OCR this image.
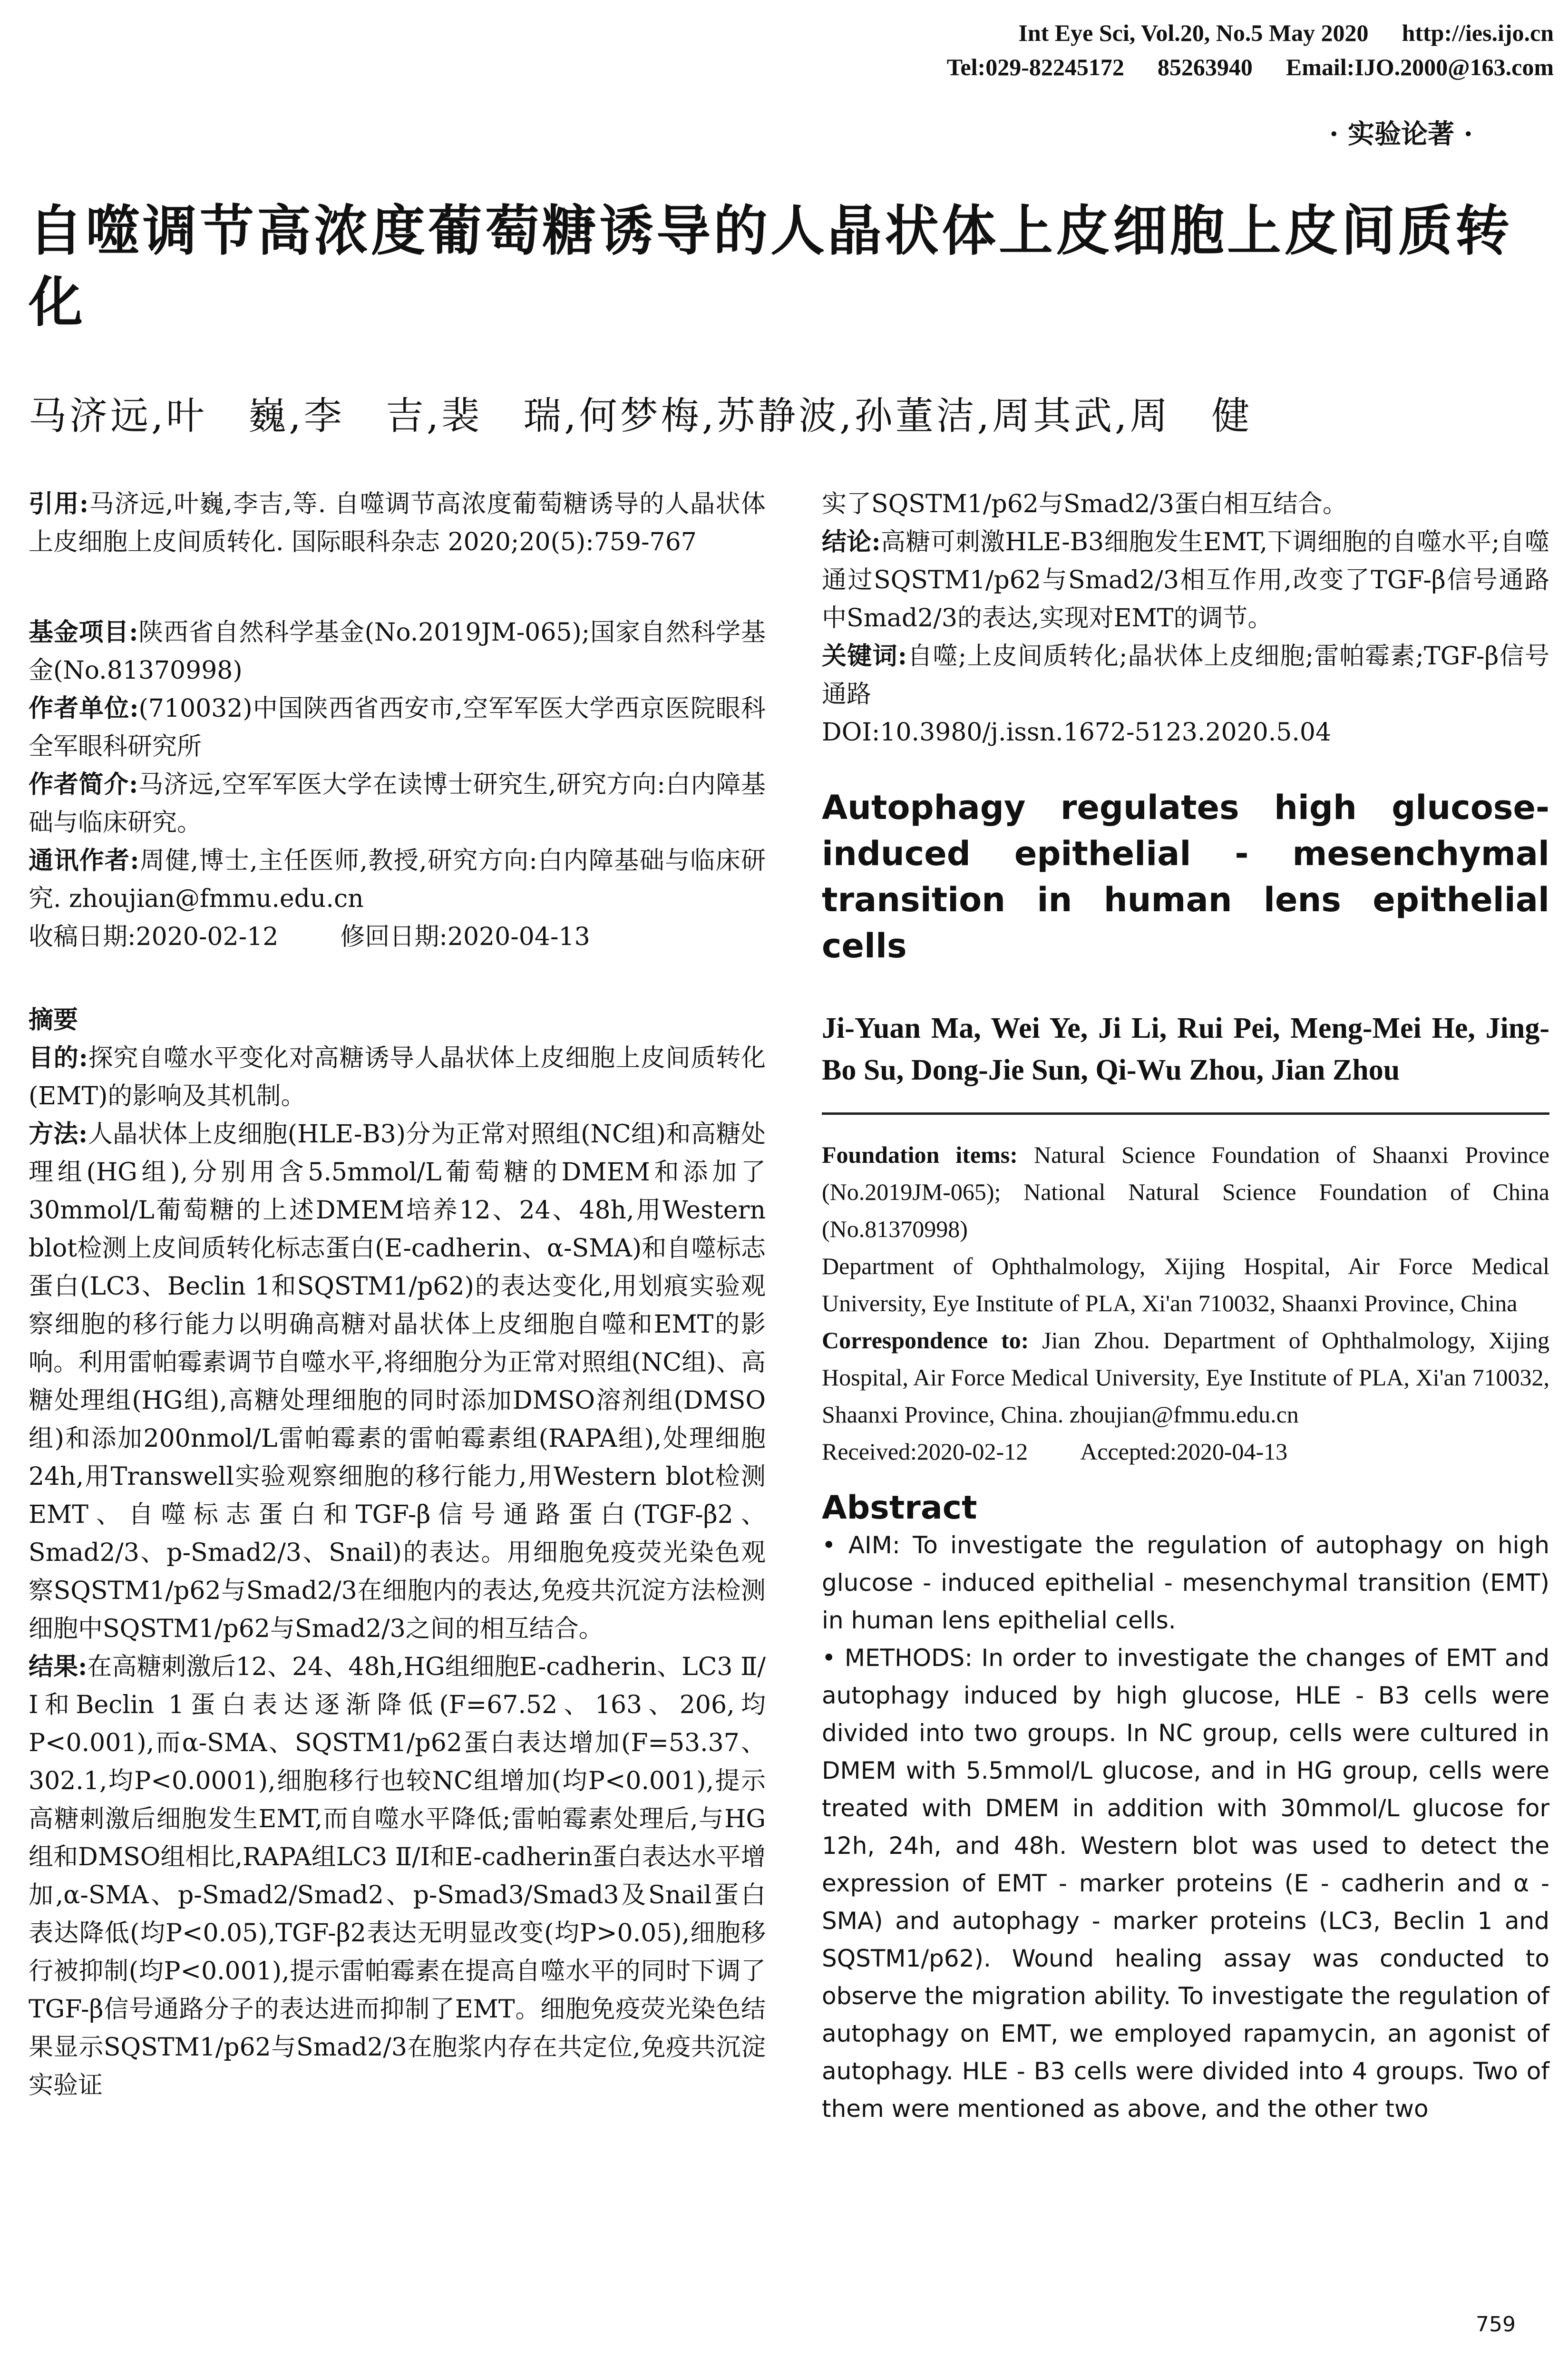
Int Eye Sci, Vol.20, No.5 May 2020 http://ies.ijo.cn
Tel:029-82245172 85263940 Email:IJO.2000@163.com
· 实验论著 ·
自噬调节高浓度葡萄糖诱导的人晶状体上皮细胞上皮间质转化
马济远,叶　巍,李　吉,裴　瑞,何梦梅,苏静波,孙董洁,周其武,周　健

引用:马济远,叶巍,李吉,等. 自噬调节高浓度葡萄糖诱导的人晶状体上皮细胞上皮间质转化. 国际眼科杂志 2020;20(5):759-767

基金项目:陕西省自然科学基金(No.2019JM-065);国家自然科学基金(No.81370998)

作者单位:(710032)中国陕西省西安市,空军军医大学西京医院眼科 全军眼科研究所

作者简介:马济远,空军军医大学在读博士研究生,研究方向:白内障基础与临床研究。

通讯作者:周健,博士,主任医师,教授,研究方向:白内障基础与临床研究. zhoujian@fmmu.edu.cn

收稿日期:2020-02-12	修回日期:2020-04-13

摘要

目的:探究自噬水平变化对高糖诱导人晶状体上皮细胞上皮间质转化(EMT)的影响及其机制。

方法:人晶状体上皮细胞(HLE-B3)分为正常对照组(NC组)和高糖处理组(HG组),分别用含5.5mmol/L葡萄糖的DMEM和添加了30mmol/L葡萄糖的上述DMEM培养12、24、48h,用Western blot检测上皮间质转化标志蛋白(E-cadherin、α-SMA)和自噬标志蛋白(LC3、Beclin 1和SQSTM1/p62)的表达变化,用划痕实验观察细胞的移行能力以明确高糖对晶状体上皮细胞自噬和EMT的影响。利用雷帕霉素调节自噬水平,将细胞分为正常对照组(NC组)、高糖处理组(HG组),高糖处理细胞的同时添加DMSO溶剂组(DMSO组)和添加200nmol/L雷帕霉素的雷帕霉素组(RAPA组),处理细胞24h,用Transwell实验观察细胞的移行能力,用Western blot检测EMT、自噬标志蛋白和TGF-β信号通路蛋白(TGF-β2、Smad2/3、p-Smad2/3、Snail)的表达。用细胞免疫荧光染色观察SQSTM1/p62与Smad2/3在细胞内的表达,免疫共沉淀方法检测细胞中SQSTM1/p62与Smad2/3之间的相互结合。

结果:在高糖刺激后12、24、48h,HG组细胞E-cadherin、LC3 Ⅱ/Ⅰ和Beclin 1蛋白表达逐渐降低(F=67.52、163、206,均P<0.001),而α-SMA、SQSTM1/p62蛋白表达增加(F=53.37、302.1,均P<0.0001),细胞移行也较NC组增加(均P<0.001),提示高糖刺激后细胞发生EMT,而自噬水平降低;雷帕霉素处理后,与HG组和DMSO组相比,RAPA组LC3 Ⅱ/Ⅰ和E-cadherin蛋白表达水平增加,α-SMA、p-Smad2/Smad2、p-Smad3/Smad3及Snail蛋白表达降低(均P<0.05),TGF-β2表达无明显改变(均P>0.05),细胞移行被抑制(均P<0.001),提示雷帕霉素在提高自噬水平的同时下调了TGF-β信号通路分子的表达进而抑制了EMT。细胞免疫荧光染色结果显示SQSTM1/p62与Smad2/3在胞浆内存在共定位,免疫共沉淀实验证

实了SQSTM1/p62与Smad2/3蛋白相互结合。

结论:高糖可刺激HLE-B3细胞发生EMT,下调细胞的自噬水平;自噬通过SQSTM1/p62与Smad2/3相互作用,改变了TGF-β信号通路中Smad2/3的表达,实现对EMT的调节。

关键词:自噬;上皮间质转化;晶状体上皮细胞;雷帕霉素;TGF-β信号通路

DOI:10.3980/j.issn.1672-5123.2020.5.04

Autophagy regulates high glucose-induced epithelial - mesenchymal transition in human lens epithelial cells
Ji-Yuan Ma, Wei Ye, Ji Li, Rui Pei, Meng-Mei He, Jing-Bo Su, Dong-Jie Sun, Qi-Wu Zhou, Jian Zhou

Foundation items: Natural Science Foundation of Shaanxi Province (No.2019JM-065); National Natural Science Foundation of China (No.81370998)

Department of Ophthalmology, Xijing Hospital, Air Force Medical University, Eye Institute of PLA, Xi'an 710032, Shaanxi Province, China

Correspondence to: Jian Zhou. Department of Ophthalmology, Xijing Hospital, Air Force Medical University, Eye Institute of PLA, Xi'an 710032, Shaanxi Province, China. zhoujian@fmmu.edu.cn

Received:2020-02-12 Accepted:2020-04-13

Abstract

• AIM: To investigate the regulation of autophagy on high glucose - induced epithelial - mesenchymal transition (EMT) in human lens epithelial cells.

• METHODS: In order to investigate the changes of EMT and autophagy induced by high glucose, HLE - B3 cells were divided into two groups. In NC group, cells were cultured in DMEM with 5.5mmol/L glucose, and in HG group, cells were treated with DMEM in addition with 30mmol/L glucose for 12h, 24h, and 48h. Western blot was used to detect the expression of EMT - marker proteins (E - cadherin and α - SMA) and autophagy - marker proteins (LC3, Beclin 1 and SQSTM1/p62). Wound healing assay was conducted to observe the migration ability. To investigate the regulation of autophagy on EMT, we employed rapamycin, an agonist of autophagy. HLE - B3 cells were divided into 4 groups. Two of them were mentioned as above, and the other two

759
